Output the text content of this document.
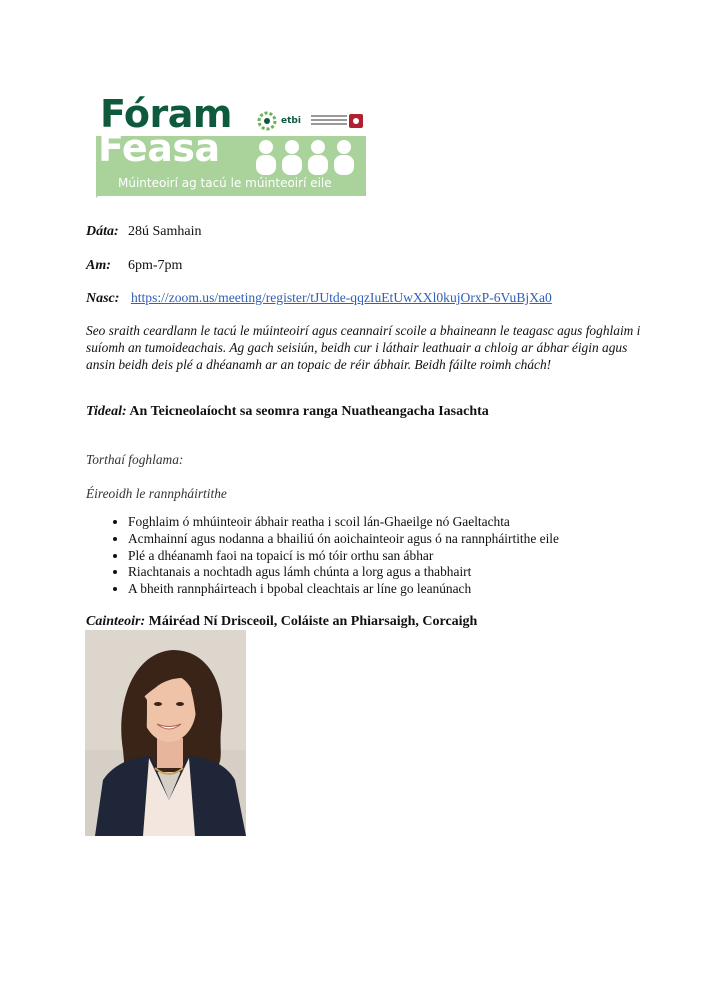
Fóram	etbi
Feasa
Múinteoirí ag tacú le múinteoirí eile
Dáta: 28ú Samhain
Am: 6pm-7pm
Nasc: https://zoom.us/meeting/register/tJUtde-qqzIuEtUwXXl0kujOrxP-6VuBjXa0

Seo sraith ceardlann le tacú le múinteoirí agus ceannairí scoile a bhaineann le teagasc agus foghlaim i suíomh an tumoideachais. Ag gach seisiún, beidh cur i láthair leathuair a chloig ar ábhar éigin agus ansin beidh deis plé a dhéanamh ar an topaic de réir ábhair. Beidh fáilte roimh chách!

Tideal: An Teicneolaíocht sa seomra ranga Nuatheangacha Iasachta
Torthaí foghlama:
Éireoidh le rannpháirtithe
• Foghlaim ó mhúinteoir ábhair reatha i scoil lán-Ghaeilge nó Gaeltachta
• Acmhainní agus nodanna a bhailiú ón aoichainteoir agus ó na rannpháirtithe eile
• Plé a dhéanamh faoi na topaicí is mó tóir orthu san ábhar
• Riachtanais a nochtadh agus lámh chúnta a lorg agus a thabhairt
• A bheith rannpháirteach i bpobal cleachtais ar líne go leanúnach
Cainteoir: Máiréad Ní Drisceoil, Coláiste an Phiarsaigh, Corcaigh
